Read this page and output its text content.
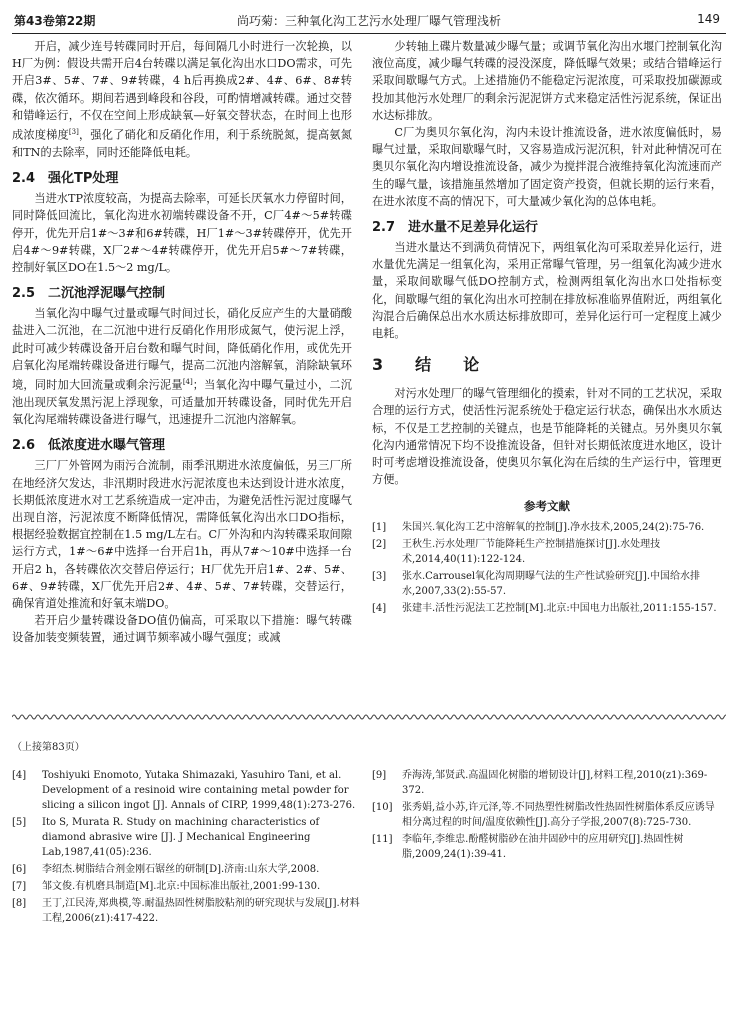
第43卷第22期	尚巧菊：三种氧化沟工艺污水处理厂曝气管理浅析	149

开启，减少连号转碟同时开启，每间隔几小时进行一次轮换，以H厂为例：假设共需开启4台转碟以满足氧化沟出水口DO需求，可先开启3#、5#、7#、9#转碟，4 h后再换成2#、4#、6#、8#转碟，依次循环。期间若遇到峰段和谷段，可酌情增减转碟。通过交替和错峰运行，不仅在空间上形成缺氧—好氧交替状态，在时间上也形成浓度梯度[3]，强化了硝化和反硝化作用，利于系统脱氮，提高氨氮和TN的去除率，同时还能降低电耗。

2.4　强化TP处理

当进水TP浓度较高，为提高去除率，可延长厌氧水力停留时间，同时降低回流比，氧化沟进水初端转碟设备不开，C厂4#～5#转碟停开，优先开启1#～3#和6#转碟，H厂1#～3#转碟停开，优先开启4#～9#转碟，X厂2#～4#转碟停开，优先开启5#～7#转碟，控制好氧区DO在1.5～2 mg/L。

2.5　二沉池浮泥曝气控制

当氧化沟中曝气过量或曝气时间过长，硝化反应产生的大量硝酸盐进入二沉池，在二沉池中进行反硝化作用形成氮气，使污泥上浮，此时可减少转碟设备开启台数和曝气时间，降低硝化作用，或优先开启氧化沟尾端转碟设备进行曝气，提高二沉池内溶解氧，消除缺氧环境，同时加大回流量或剩余污泥量[4]；当氧化沟中曝气量过小，二沉池出现厌氧发黑污泥上浮现象，可适量加开转碟设备，同时优先开启氧化沟尾端转碟设备进行曝气，迅速提升二沉池内溶解氧。

2.6　低浓度进水曝气管理

三厂厂外管网为雨污合流制，雨季汛期进水浓度偏低，另三厂所在地经济欠发达，非汛期时段进水污泥浓度也未达到设计进水浓度，长期低浓度进水对工艺系统造成一定冲击，为避免活性污泥过度曝气出现自溶，污泥浓度不断降低情况，需降低氧化沟出水口DO指标，根据经验数据宜控制在1.5 mg/L左右。C厂外沟和内沟转碟采取间隙运行方式，1#～6#中选择一台开启1h，再从7#～10#中选择一台开启2 h，各转碟依次交替启停运行；H厂优先开启1#、2#、5#、6#、9#转碟，X厂优先开启2#、4#、5#、7#转碟，交替运行，确保宵道处推流和好氧末端DO。

若开启少量转碟设备DO值仍偏高，可采取以下措施：曝气转碟设备加装变频装置，通过调节频率减小曝气强度；或减

少转轴上碟片数量减少曝气量；或调节氧化沟出水堰门控制氧化沟液位高度，减少曝气转碟的浸没深度，降低曝气效果；或结合错峰运行采取间歇曝气方式。上述措施仍不能稳定污泥浓度，可采取投加碳源或投加其他污水处理厂的剩余污泥泥饼方式来稳定活性污泥系统，保证出水达标排放。

C厂为奥贝尔氧化沟，沟内未设计推流设备，进水浓度偏低时，易曝气过量，采取间歇曝气时，又容易造成污泥沉积，针对此种情况可在奥贝尔氧化沟内增设推流设备，减少为搅拌混合液维持氧化沟流速而产生的曝气量，该措施虽然增加了固定资产投资，但就长期的运行来看，在进水浓度不高的情况下，可大量减少氧化沟的总体电耗。

2.7　进水量不足差异化运行

当进水量达不到满负荷情况下，两组氧化沟可采取差异化运行，进水量优先满足一组氧化沟，采用正常曝气管理，另一组氧化沟减少进水量，采取间歇曝气低DO控制方式，检测两组氧化沟出水口处指标变化，间歇曝气组的氧化沟出水可控制在排放标准临界值附近，两组氧化沟混合后确保总出水水质达标排放即可，差异化运行可一定程度上减少电耗。

3　结　论

对污水处理厂的曝气管理细化的摸索，针对不同的工艺状况，采取合理的运行方式，使活性污泥系统处于稳定运行状态，确保出水水质达标，不仅是工艺控制的关键点，也是节能降耗的关键点。另外奥贝尔氧化沟内通常情况下均不设推流设备，但针对长期低浓度进水地区，设计时可考虑增设推流设备，使奥贝尔氧化沟在后续的生产运行中，管理更方便。

参考文献
[1] 朱国兴.氧化沟工艺中溶解氧的控制[J].净水技术,2005,24(2):75-76.
[2] 王秋生.污水处理厂节能降耗生产控制措施探讨[J].水处理技术,2014,40(11):122-124.
[3] 张水.Carrousel氧化沟周期曝气法的生产性试验研究[J].中国给水排水,2007,33(2):55-57.
[4] 张建丰.活性污泥法工艺控制[M].北京:中国电力出版社,2011:155-157.
（上接第83页）
[4] Toshiyuki Enomoto, Yutaka Shimazaki, Yasuhiro Tani, et al. Development of a resinoid wire containing metal powder for slicing a silicon ingot [J]. Annals of CIRP, 1999,48(1):273-276.
[5] Ito S, Murata R. Study on machining characteristics of diamond abrasive wire [J]. J Mechanical Engineering Lab,1987,41(05):236.
[6] 李绍杰.树脂结合剂金刚石锯丝的研制[D].济南:山东大学,2008.
[7] 邹文俊.有机磨具制造[M].北京:中国标准出版社,2001:99-130.
[8] 王丁,江民涛,郑典模,等.耐温热固性树脂胶粘剂的研究现状与发展[J].材料工程,2006(z1):417-422.
[9] 乔海涛,邹贤武.高温固化树脂的增韧设计[J],材料工程,2010(z1):369-372.
[10] 张秀娟,益小苏,许元泽,等.不同热塑性树脂改性热固性树脂体系反应诱导相分离过程的时间/温度依赖性[J].高分子学报,2007(8):725-730.
[11] 李临年,李维忠.酚醛树脂砂在油井固砂中的应用研究[J].热固性树脂,2009,24(1):39-41.
